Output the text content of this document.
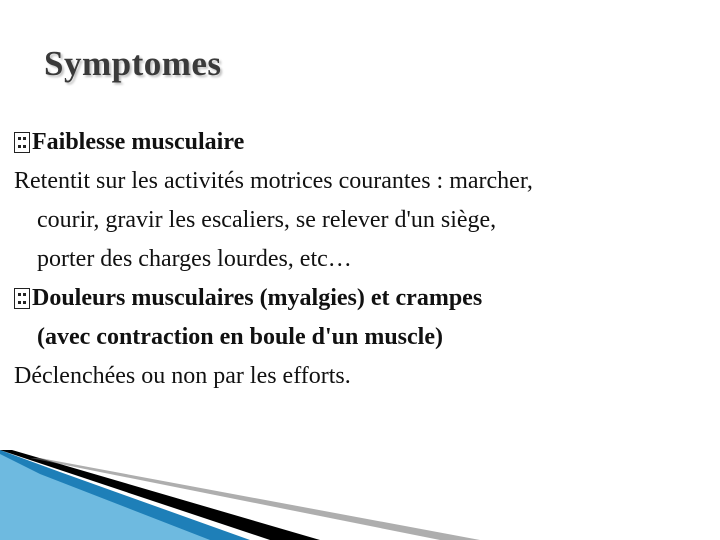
Symptomes
Faiblesse musculaire
Retentit sur les activités motrices courantes : marcher,
courir, gravir les escaliers, se relever d'un siège,
porter des charges lourdes, etc…
Douleurs musculaires (myalgies) et crampes
(avec contraction en boule d'un muscle)
Déclenchées ou non par les efforts.
